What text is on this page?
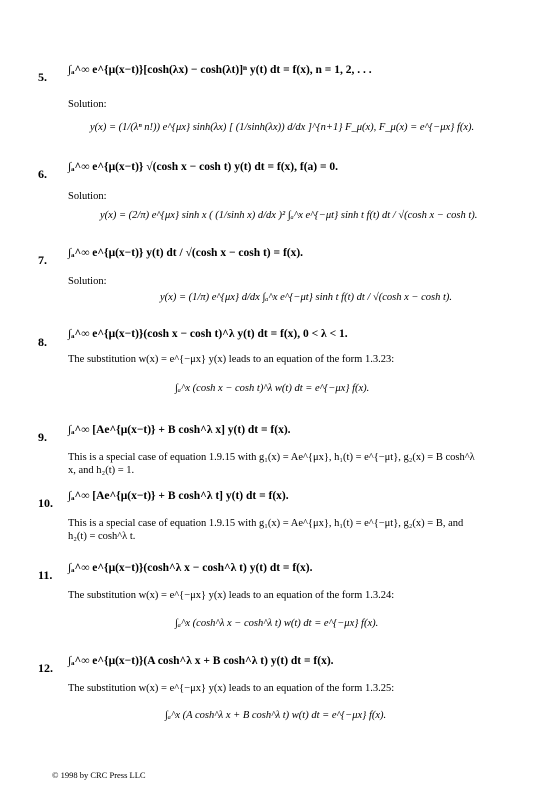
5. ∫ₐ^∞ e^{μ(x−t)}[cosh(λx) − cosh(λt)]ⁿ y(t) dt = f(x), n = 1, 2, . . .
Solution:
y(x) = (1/(λⁿ n!)) e^{μx} sinh(λx) [ (1/sinh(λx)) d/dx ]^{n+1} F_μ(x), F_μ(x) = e^{−μx} f(x).
6. ∫ₐ^∞ e^{μ(x−t)} √(cosh x − cosh t) y(t) dt = f(x), f(a) = 0.
Solution:
y(x) = (2/π) e^{μx} sinh x ( (1/sinh x) d/dx )² ∫ₐ^x e^{−μt} sinh t f(t) dt / √(cosh x − cosh t).
7. ∫ₐ^∞ e^{μ(x−t)} y(t) dt / √(cosh x − cosh t) = f(x).
Solution:
y(x) = (1/π) e^{μx} d/dx ∫ₐ^x e^{−μt} sinh t f(t) dt / √(cosh x − cosh t).
8.
∫ₐ^∞ e^{μ(x−t)}(cosh x − cosh t)^λ y(t) dt = f(x), 0 < λ < 1.
The substitution w(x) = e^{−μx} y(x) leads to an equation of the form 1.3.23:
∫ₐ^x (cosh x − cosh t)^λ w(t) dt = e^{−μx} f(x).
9. ∫ₐ^∞ [Ae^{μ(x−t)} + B cosh^λ x] y(t) dt = f(x).
This is a special case of equation 1.9.15 with g₁(x) = Ae^{μx}, h₁(t) = e^{−μt}, g₂(x) = B cosh^λ x, and h₂(t) = 1.
10. ∫ₐ^∞ [Ae^{μ(x−t)} + B cosh^λ t] y(t) dt = f(x).
This is a special case of equation 1.9.15 with g₁(x) = Ae^{μx}, h₁(t) = e^{−μt}, g₂(x) = B, and h₂(t) = cosh^λ t.
11. ∫ₐ^∞ e^{μ(x−t)}(cosh^λ x − cosh^λ t) y(t) dt = f(x).
The substitution w(x) = e^{−μx} y(x) leads to an equation of the form 1.3.24:
∫ₐ^x (cosh^λ x − cosh^λ t) w(t) dt = e^{−μx} f(x).
12. ∫ₐ^∞ e^{μ(x−t)}(A cosh^λ x + B cosh^λ t) y(t) dt = f(x).
The substitution w(x) = e^{−μx} y(x) leads to an equation of the form 1.3.25:
∫ₐ^x (A cosh^λ x + B cosh^λ t) w(t) dt = e^{−μx} f(x).
© 1998 by CRC Press LLC
